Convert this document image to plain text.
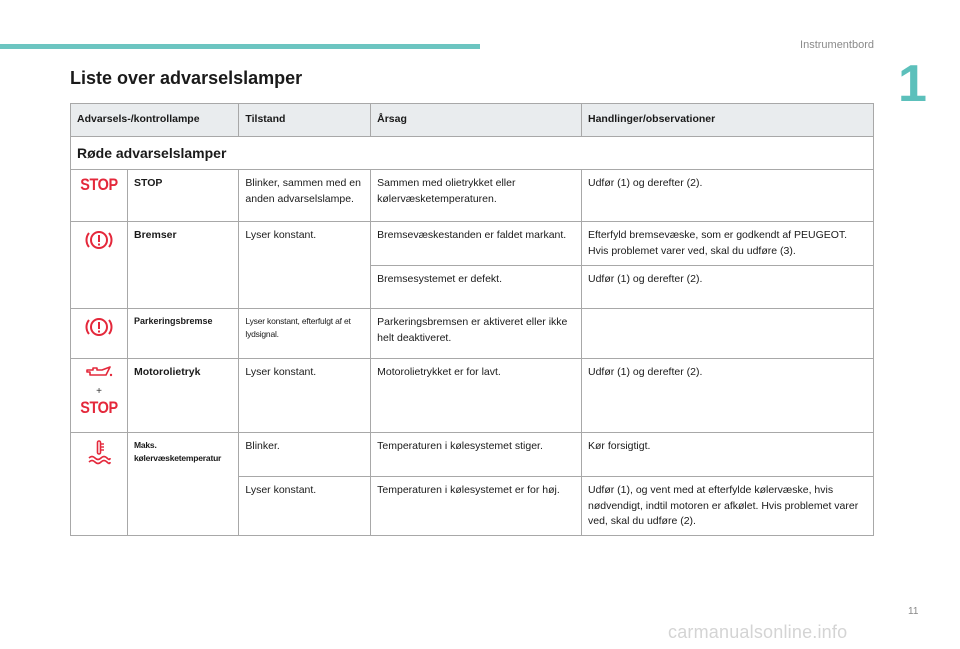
Instrumentbord
1
Liste over advarselslamper
Advarsels-/kontrollampe		Tilstand	Årsag	Handlinger/observationer
Røde advarselslamper				
STOP	STOP	Blinker, sammen med en anden advarselslampe.	Sammen med olietrykket eller kølervæsketemperaturen.	Udfør (1) og derefter (2).
	Bremser	Lyser konstant.	Bremsevæskestanden er faldet markant.	Efterfyld bremsevæske, som er godkendt af PEUGEOT. Hvis problemet varer ved, skal du udføre (3).
			Bremsesystemet er defekt.	Udfør (1) og derefter (2).
	Parkeringsbremse	Lyser konstant, efterfulgt af et lydsignal.	Parkeringsbremsen er aktiveret eller ikke helt deaktiveret.	

+
STOP	Motorolietryk	Lyser konstant.	Motorolietrykket er for lavt.	Udfør (1) og derefter (2).
	Maks. kølervæsketemperatur	Blinker.	Temperaturen i kølesystemet stiger.	Kør forsigtigt.
		Lyser konstant.	Temperaturen i kølesystemet er for høj.	Udfør (1), og vent med at efterfylde kølervæske, hvis nødvendigt, indtil motoren er afkølet. Hvis problemet varer ved, skal du udføre (2).
11
carmanualsonline.info
